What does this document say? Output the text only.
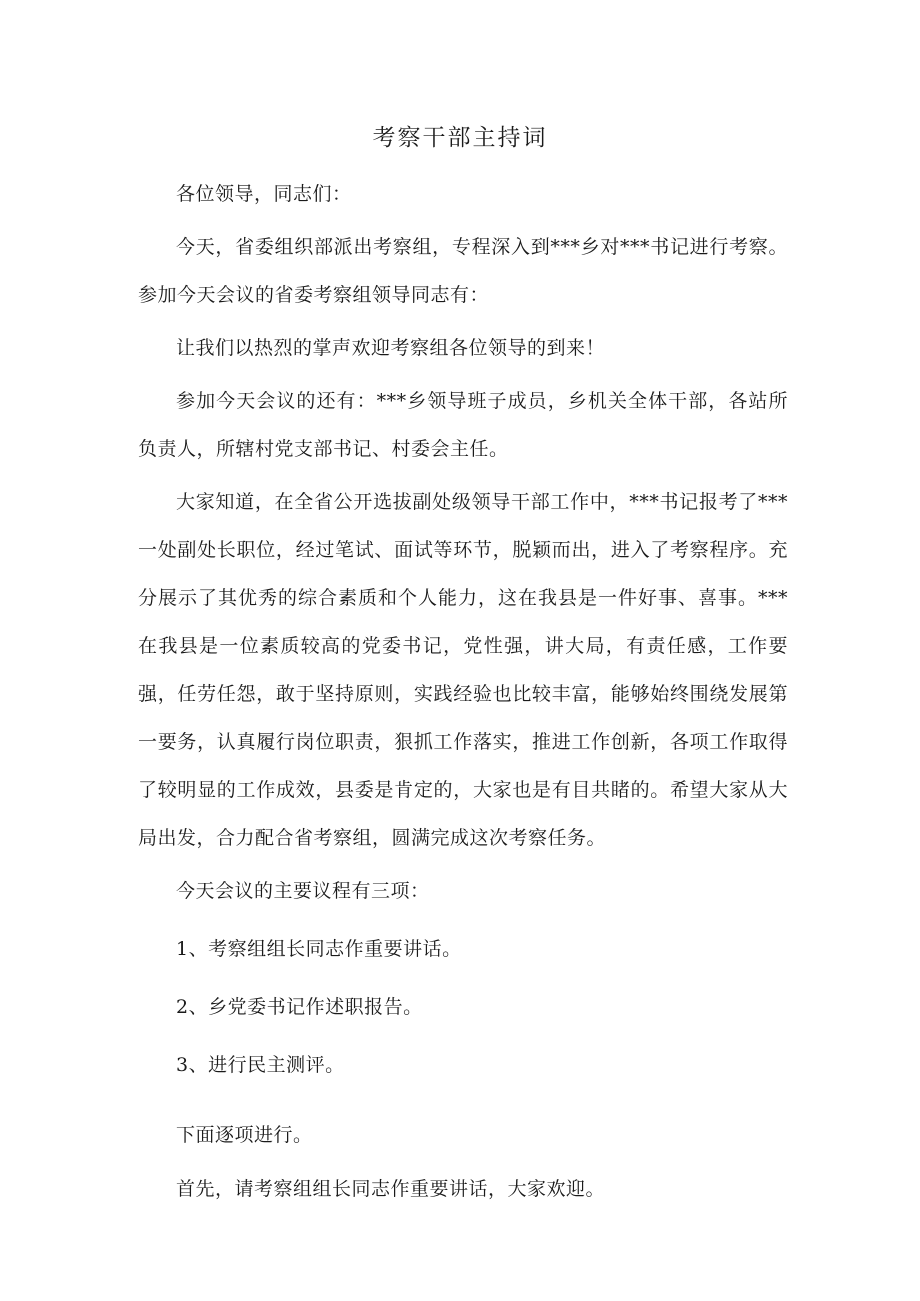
考察干部主持词

各位领导，同志们：

今天，省委组织部派出考察组，专程深入到***乡对***书记进行考察。参加今天会议的省委考察组领导同志有：

让我们以热烈的掌声欢迎考察组各位领导的到来！

参加今天会议的还有：***乡领导班子成员，乡机关全体干部，各站所负责人，所辖村党支部书记、村委会主任。

大家知道，在全省公开选拔副处级领导干部工作中，***书记报考了***一处副处长职位，经过笔试、面试等环节，脱颖而出，进入了考察程序。充分展示了其优秀的综合素质和个人能力，这在我县是一件好事、喜事。***在我县是一位素质较高的党委书记，党性强，讲大局，有责任感，工作要强，任劳任怨，敢于坚持原则，实践经验也比较丰富，能够始终围绕发展第一要务，认真履行岗位职责，狠抓工作落实，推进工作创新，各项工作取得了较明显的工作成效，县委是肯定的，大家也是有目共睹的。希望大家从大局出发，合力配合省考察组，圆满完成这次考察任务。

今天会议的主要议程有三项：

1、考察组组长同志作重要讲话。

2、乡党委书记作述职报告。

3、进行民主测评。

下面逐项进行。

首先，请考察组组长同志作重要讲话，大家欢迎。
